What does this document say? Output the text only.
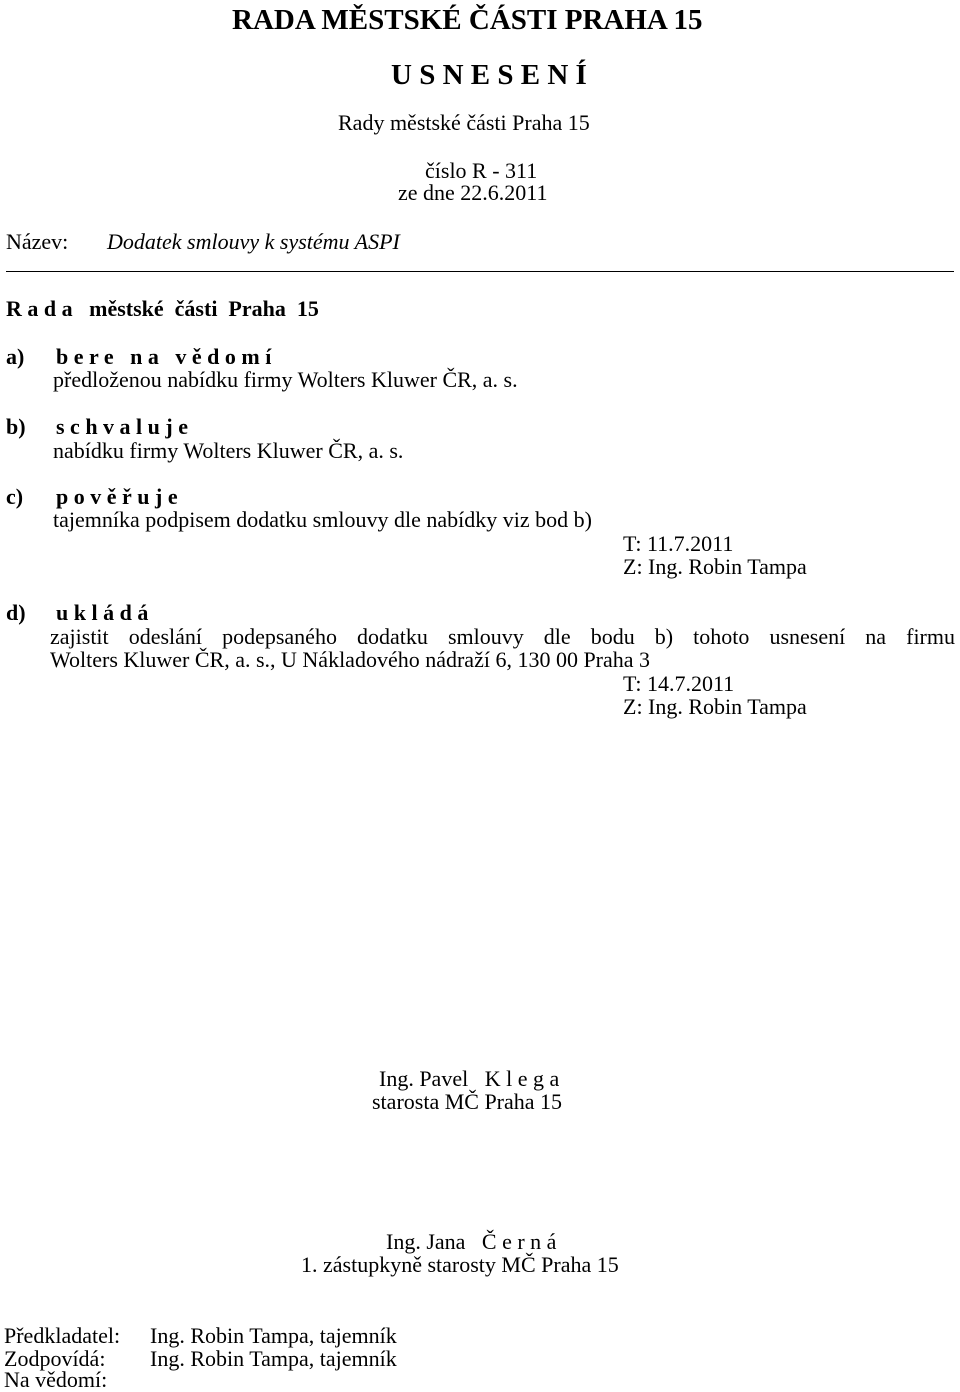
RADA MĚSTSKÉ ČÁSTI PRAHA 15
U S N E S E N Í
Rady městské části Praha 15
číslo R - 311
ze dne 22.6.2011
Název: Dodatek smlouvy k systému ASPI
R a d a   městské  části  Praha  15
a) b e r e   n a   v ě d o m í
předloženou nabídku firmy Wolters Kluwer ČR, a. s.
b) s c h v a l u j e
nabídku firmy Wolters Kluwer ČR, a. s.
c) p o v ě ř u j e
tajemníka podpisem dodatku smlouvy dle nabídky viz bod b)
T: 11.7.2011
Z: Ing. Robin Tampa
d) u k l á d á
zajistit odeslání podepsaného dodatku smlouvy dle bodu b) tohoto usnesení na firmu
Wolters Kluwer ČR, a. s., U Nákladového nádraží 6, 130 00 Praha 3
T: 14.7.2011
Z: Ing. Robin Tampa
Ing. Pavel   K l e g a
starosta MČ Praha 15
Ing. Jana   Č e r n á
1. zástupkyně starosty MČ Praha 15
Předkladatel: Ing. Robin Tampa, tajemník
Zodpovídá: Ing. Robin Tampa, tajemník
Na vědomí:
